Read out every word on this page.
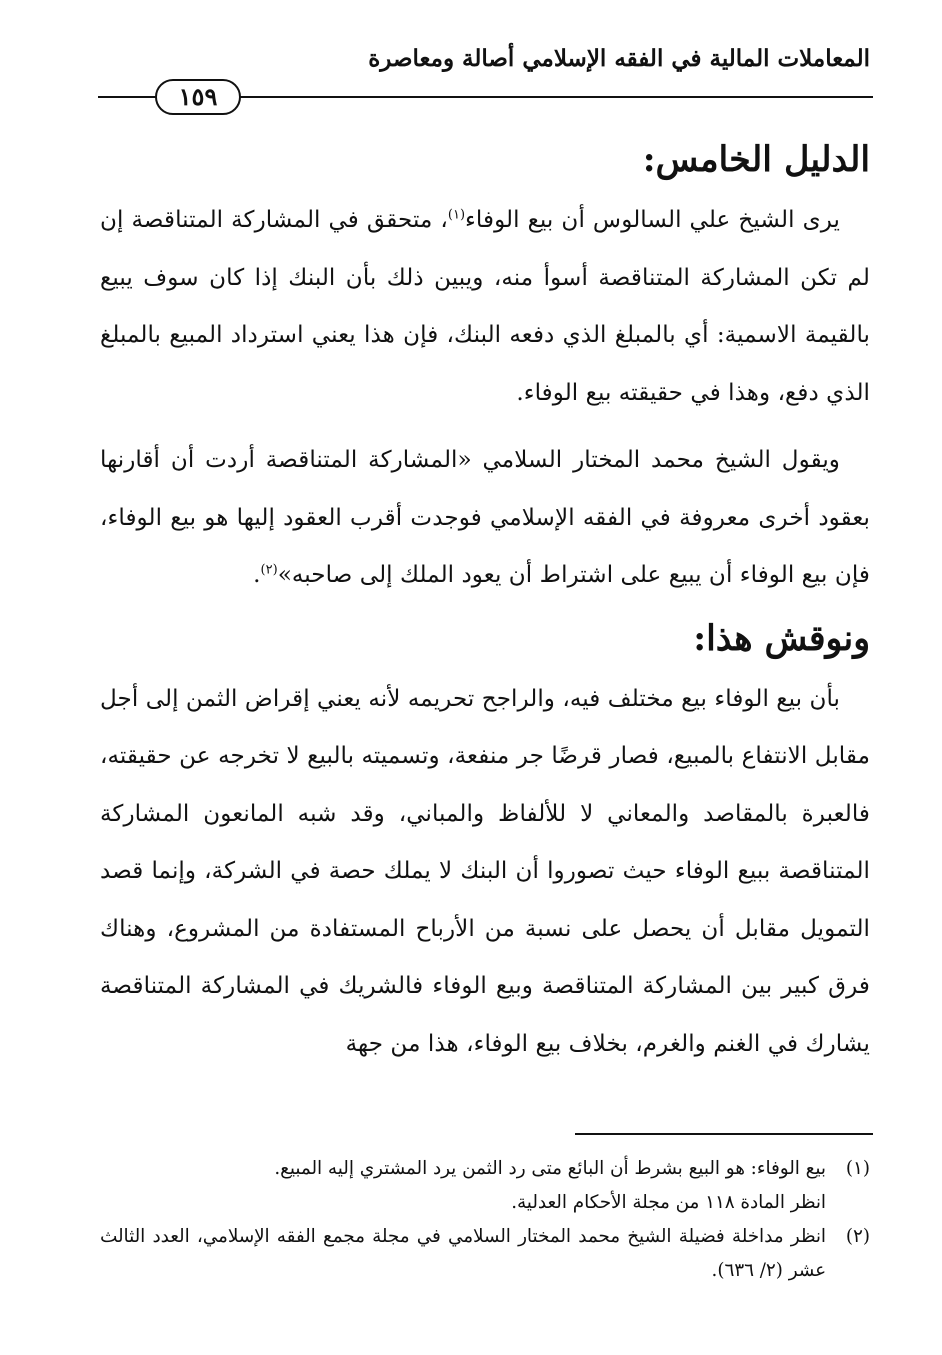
المعاملات المالية في الفقه الإسلامي أصالة ومعاصرة
١٥٩
الدليل الخامس:

يرى الشيخ علي السالوس أن بيع الوفاء$^{(١)}$، متحقق في المشاركة المتناقصة إن لم تكن المشاركة المتناقصة أسوأ منه، ويبين ذلك بأن البنك إذا كان سوف يبيع بالقيمة الاسمية: أي بالمبلغ الذي دفعه البنك، فإن هذا يعني استرداد المبيع بالمبلغ الذي دفع، وهذا في حقيقته بيع الوفاء.

ويقول الشيخ محمد المختار السلامي «المشاركة المتناقصة أردت أن أقارنها بعقود أخرى معروفة في الفقه الإسلامي فوجدت أقرب العقود إليها هو بيع الوفاء، فإن بيع الوفاء أن يبيع على اشتراط أن يعود الملك إلى صاحبه»$^{(٢)}$.

ونوقش هذا:

بأن بيع الوفاء بيع مختلف فيه، والراجح تحريمه لأنه يعني إقراض الثمن إلى أجل مقابل الانتفاع بالمبيع، فصار قرضًا جر منفعة، وتسميته بالبيع لا تخرجه عن حقيقته، فالعبرة بالمقاصد والمعاني لا للألفاظ والمباني، وقد شبه المانعون المشاركة المتناقصة ببيع الوفاء حيث تصوروا أن البنك لا يملك حصة في الشركة، وإنما قصد التمويل مقابل أن يحصل على نسبة من الأرباح المستفادة من المشروع، وهناك فرق كبير بين المشاركة المتناقصة وبيع الوفاء فالشريك في المشاركة المتناقصة يشارك في الغنم والغرم، بخلاف بيع الوفاء، هذا من جهة

(١)
بيع الوفاء: هو البيع بشرط أن البائع متى رد الثمن يرد المشتري إليه المبيع.
انظر المادة ١١٨ من مجلة الأحكام العدلية.
(٢)
انظر مداخلة فضيلة الشيخ محمد المختار السلامي في مجلة مجمع الفقه الإسلامي، العدد الثالث عشر (٢/ ٦٣٦).
